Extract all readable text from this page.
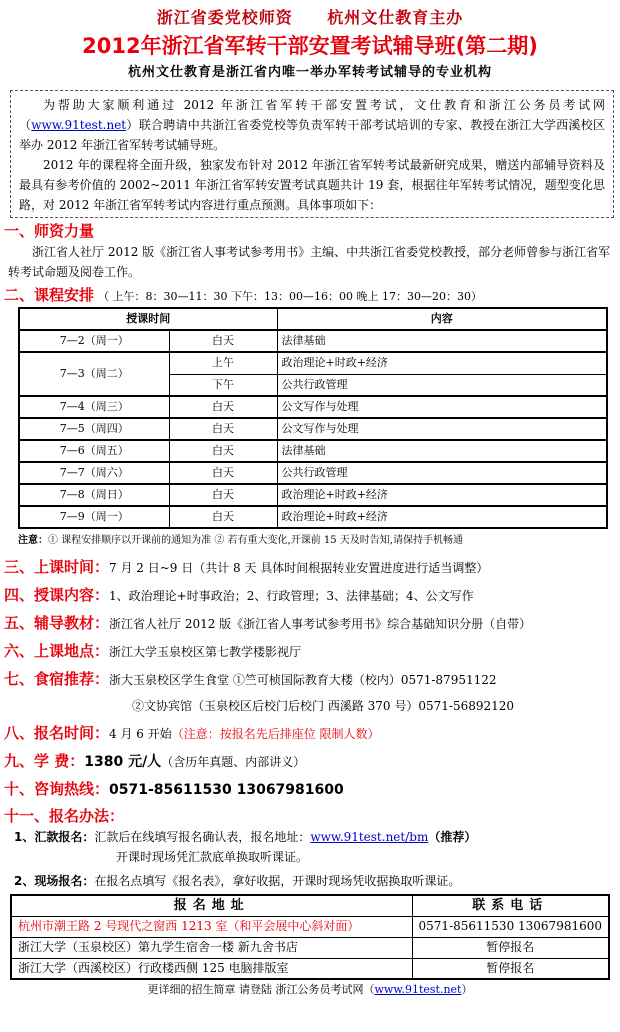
浙江省委党校师资 杭州文仕教育主办
2012年浙江省军转干部安置考试辅导班(第二期)
杭州文仕教育是浙江省内唯一举办军转考试辅导的专业机构

为帮助大家顺利通过 2012 年浙江省军转干部安置考试，文仕教育和浙江公务员考试网（www.91test.net）联合聘请中共浙江省委党校等负责军转干部考试培训的专家、教授在浙江大学西溪校区举办 2012 年浙江省军转考试辅导班。

2012 年的课程将全面升级，独家发布针对 2012 年浙江省军转考试最新研究成果，赠送内部辅导资料及最具有参考价值的 2002~2011 年浙江省军转安置考试真题共计 19 套，根据往年军转考试情况，题型变化思路，对 2012 年浙江省军转考试内容进行重点预测。具体事项如下：

一、师资力量
浙江省人社厅 2012 版《浙江省人事考试参考用书》主编、中共浙江省委党校教授，部分老师曾参与浙江省军转考试命题及阅卷工作。
二、课程安排 （ 上午：8：30—11：30 下午：13：00—16：00 晚上 17：30—20：30）
授课时间		内容
7—2（周一）	白天	法律基础
7—3（周二）	上午	政治理论+时政+经济
	下午	公共行政管理
7—4（周三）	白天	公文写作与处理
7—5（周四）	白天	公文写作与处理
7—6（周五）	白天	法律基础
7—7（周六）	白天	公共行政管理
7—8（周日）	白天	政治理论+时政+经济
7—9（周一）	白天	政治理论+时政+经济
注意：① 课程安排顺序以开课前的通知为准 ② 若有重大变化,开课前 15 天及时告知,请保持手机畅通
三、上课时间： 7 月 2 日~9 日（共计 8 天 具体时间根据转业安置进度进行适当调整）
四、授课内容： 1、政治理论+时事政治；2、行政管理；3、法律基础；4、公文写作
五、辅导教材： 浙江省人社厅 2012 版《浙江省人事考试参考用书》综合基础知识分册（自带）
六、上课地点： 浙江大学玉泉校区第七教学楼影视厅
七、食宿推荐： 浙大玉泉校区学生食堂 ①竺可桢国际教育大楼（校内）0571-87951122
②文协宾馆（玉泉校区后校门后校门 西溪路 370 号）0571-56892120
八、报名时间： 4 月 6 开始 （注意：按报名先后排座位 限制人数）
九、学 费： 1380 元/人 （含历年真题、内部讲义）
十、咨询热线： 0571-85611530 13067981600
十一、报名办法：
1、汇款报名：汇款后在线填写报名确认表，报名地址：www.91test.net/bm（推荐）
开课时现场凭汇款底单换取听课证。
2、现场报名：在报名点填写《报名表》，拿好收据，开课时现场凭收据换取听课证。
报名地址	联系电话
杭州市潮王路 2 号现代之窗西 1213 室（和平会展中心斜对面）	0571-85611530 13067981600
浙江大学（玉泉校区）第九学生宿舍一楼 新九舍书店	暂停报名
浙江大学（西溪校区）行政楼西侧 125 电脑排版室	暂停报名
更详细的招生简章 请登陆 浙江公务员考试网（www.91test.net）
